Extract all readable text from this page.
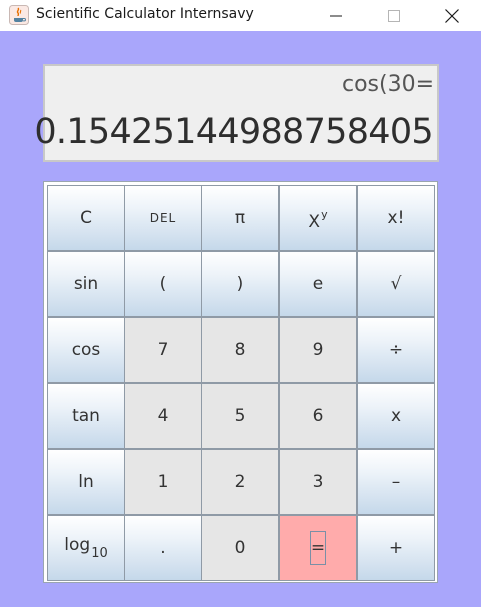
Scientific Calculator Internsavy
cos(30=
0.15425144988758405
C	DEL	π	$X^y$	x!
sin	(	)	e	√
cos	7	8	9	÷
tan	4	5	6	x
ln	1	2	3	–
$\log_{10}$	.	0	=	+
